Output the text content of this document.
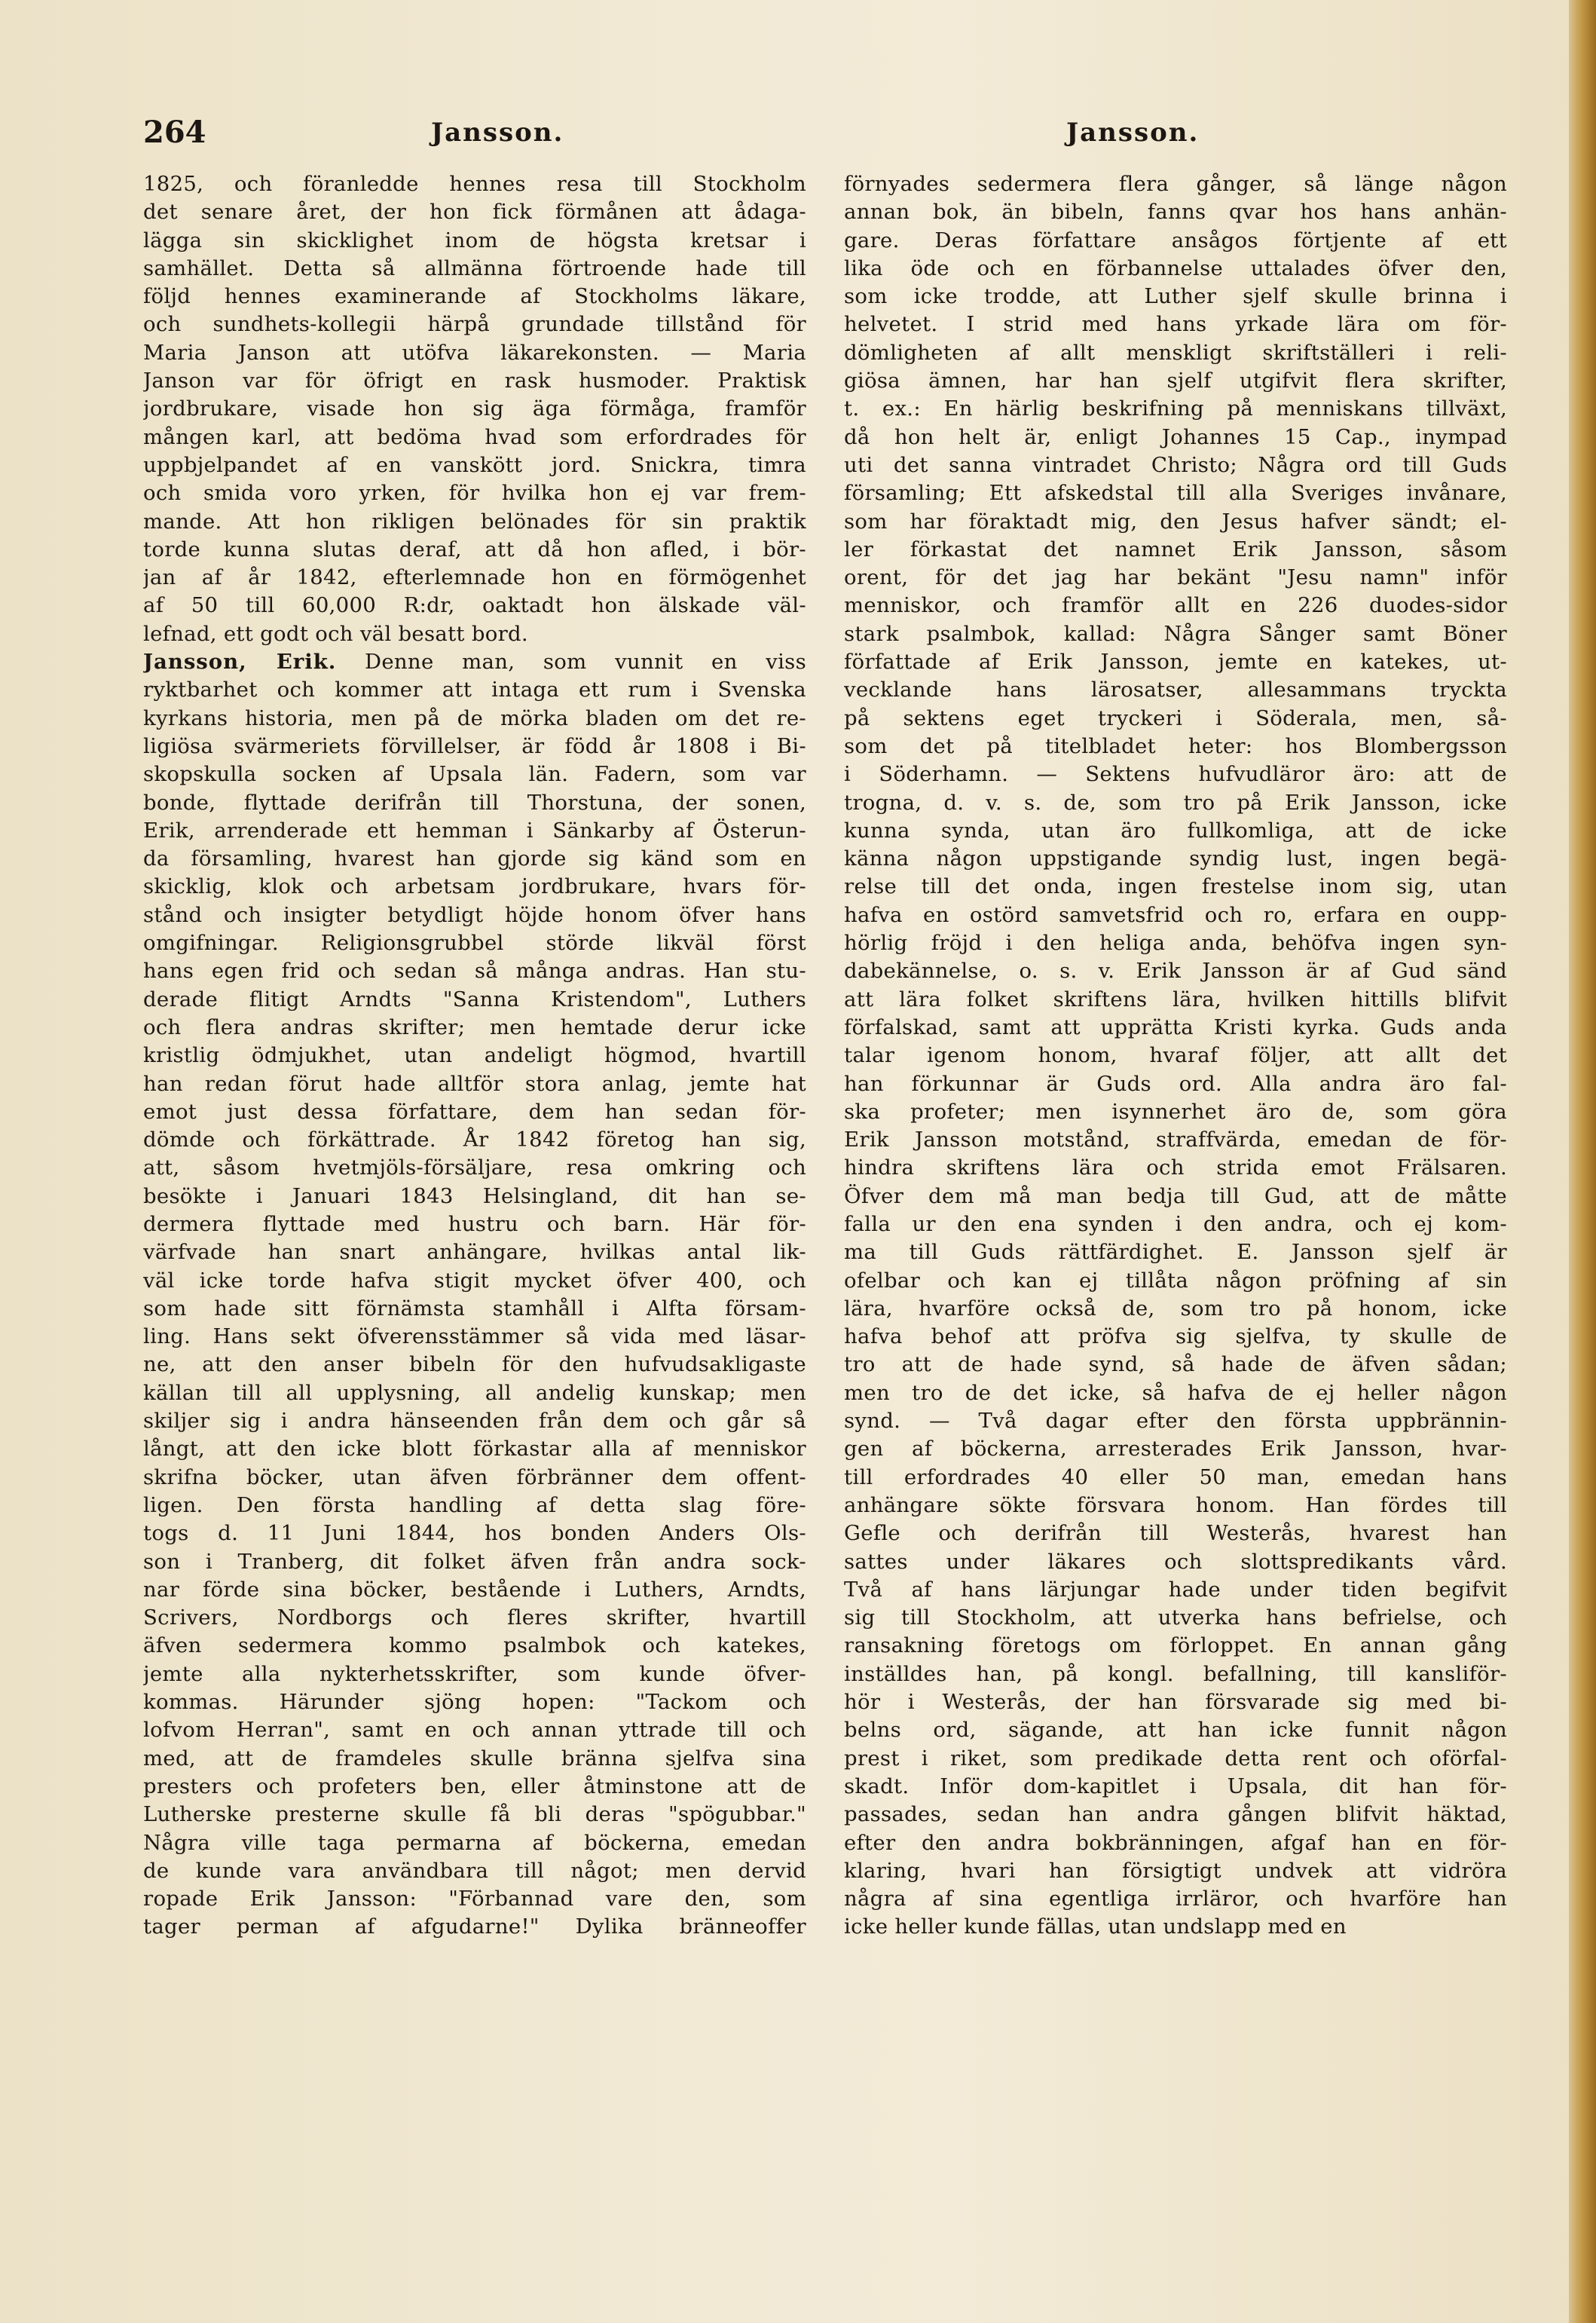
264	Jansson.	Jansson.
1825, och föranledde hennes resa till Stockholm
det senare året, der hon fick förmånen att ådaga-
lägga sin skicklighet inom de högsta kretsar i
samhället. Detta så allmänna förtroende hade till
följd hennes examinerande af Stockholms läkare,
och sundhets-kollegii härpå grundade tillstånd för
Maria Janson att utöfva läkarekonsten. — Maria
Janson var för öfrigt en rask husmoder. Praktisk
jordbrukare, visade hon sig äga förmåga, framför
mången karl, att bedöma hvad som erfordrades för
uppbjelpandet af en vanskött jord. Snickra, timra
och smida voro yrken, för hvilka hon ej var frem-
mande. Att hon rikligen belönades för sin praktik
torde kunna slutas deraf, att då hon afled, i bör-
jan af år 1842, efterlemnade hon en förmögenhet
af 50 till 60,000 R:dr, oaktadt hon älskade väl-
lefnad, ett godt och väl besatt bord.
Jansson, Erik. Denne man, som vunnit en viss
ryktbarhet och kommer att intaga ett rum i Svenska
kyrkans historia, men på de mörka bladen om det re-
ligiösa svärmeriets förvillelser, är född år 1808 i Bi-
skopskulla socken af Upsala län. Fadern, som var
bonde, flyttade derifrån till Thorstuna, der sonen,
Erik, arrenderade ett hemman i Sänkarby af Österun-
da församling, hvarest han gjorde sig känd som en
skicklig, klok och arbetsam jordbrukare, hvars för-
stånd och insigter betydligt höjde honom öfver hans
omgifningar. Religionsgrubbel störde likväl först
hans egen frid och sedan så många andras. Han stu-
derade flitigt Arndts "Sanna Kristendom", Luthers
och flera andras skrifter; men hemtade derur icke
kristlig ödmjukhet, utan andeligt högmod, hvartill
han redan förut hade alltför stora anlag, jemte hat
emot just dessa författare, dem han sedan för-
dömde och förkättrade. År 1842 företog han sig,
att, såsom hvetmjöls-försäljare, resa omkring och
besökte i Januari 1843 Helsingland, dit han se-
dermera flyttade med hustru och barn. Här för-
värfvade han snart anhängare, hvilkas antal lik-
väl icke torde hafva stigit mycket öfver 400, och
som hade sitt förnämsta stamhåll i Alfta försam-
ling. Hans sekt öfverensstämmer så vida med läsar-
ne, att den anser bibeln för den hufvudsakligaste
källan till all upplysning, all andelig kunskap; men
skiljer sig i andra hänseenden från dem och går så
långt, att den icke blott förkastar alla af menniskor
skrifna böcker, utan äfven förbränner dem offent-
ligen. Den första handling af detta slag före-
togs d. 11 Juni 1844, hos bonden Anders Ols-
son i Tranberg, dit folket äfven från andra sock-
nar förde sina böcker, bestående i Luthers, Arndts,
Scrivers, Nordborgs och fleres skrifter, hvartill
äfven sedermera kommo psalmbok och katekes,
jemte alla nykterhetsskrifter, som kunde öfver-
kommas. Härunder sjöng hopen: "Tackom och
lofvom Herran", samt en och annan yttrade till och
med, att de framdeles skulle bränna sjelfva sina
presters och profeters ben, eller åtminstone att de
Lutherske presterne skulle få bli deras "spögubbar."
Några ville taga permarna af böckerna, emedan
de kunde vara användbara till något; men dervid
ropade Erik Jansson: "Förbannad vare den, som
tager perman af afgudarne!" Dylika bränneoffer
förnyades sedermera flera gånger, så länge någon
annan bok, än bibeln, fanns qvar hos hans anhän-
gare. Deras författare ansågos förtjente af ett
lika öde och en förbannelse uttalades öfver den,
som icke trodde, att Luther sjelf skulle brinna i
helvetet. I strid med hans yrkade lära om för-
dömligheten af allt menskligt skriftställeri i reli-
giösa ämnen, har han sjelf utgifvit flera skrifter,
t. ex.: En härlig beskrifning på menniskans tillväxt,
då hon helt är, enligt Johannes 15 Cap., inympad
uti det sanna vintradet Christo; Några ord till Guds
församling; Ett afskedstal till alla Sveriges invånare,
som har föraktadt mig, den Jesus hafver sändt; el-
ler förkastat det namnet Erik Jansson, såsom
orent, för det jag har bekänt "Jesu namn" inför
menniskor, och framför allt en 226 duodes-sidor
stark psalmbok, kallad: Några Sånger samt Böner
författade af Erik Jansson, jemte en katekes, ut-
vecklande hans lärosatser, allesammans tryckta
på sektens eget tryckeri i Söderala, men, så-
som det på titelbladet heter: hos Blombergsson
i Söderhamn. — Sektens hufvudläror äro: att de
trogna, d. v. s. de, som tro på Erik Jansson, icke
kunna synda, utan äro fullkomliga, att de icke
känna någon uppstigande syndig lust, ingen begä-
relse till det onda, ingen frestelse inom sig, utan
hafva en ostörd samvetsfrid och ro, erfara en oupp-
hörlig fröjd i den heliga anda, behöfva ingen syn-
dabekännelse, o. s. v. Erik Jansson är af Gud sänd
att lära folket skriftens lära, hvilken hittills blifvit
förfalskad, samt att upprätta Kristi kyrka. Guds anda
talar igenom honom, hvaraf följer, att allt det
han förkunnar är Guds ord. Alla andra äro fal-
ska profeter; men isynnerhet äro de, som göra
Erik Jansson motstånd, straffvärda, emedan de för-
hindra skriftens lära och strida emot Frälsaren.
Öfver dem må man bedja till Gud, att de måtte
falla ur den ena synden i den andra, och ej kom-
ma till Guds rättfärdighet. E. Jansson sjelf är
ofelbar och kan ej tillåta någon pröfning af sin
lära, hvarföre också de, som tro på honom, icke
hafva behof att pröfva sig sjelfva, ty skulle de
tro att de hade synd, så hade de äfven sådan;
men tro de det icke, så hafva de ej heller någon
synd. — Två dagar efter den första uppbrännin-
gen af böckerna, arresterades Erik Jansson, hvar-
till erfordrades 40 eller 50 man, emedan hans
anhängare sökte försvara honom. Han fördes till
Gefle och derifrån till Westerås, hvarest han
sattes under läkares och slottspredikants vård.
Två af hans lärjungar hade under tiden begifvit
sig till Stockholm, att utverka hans befrielse, och
ransakning företogs om förloppet. En annan gång
inställdes han, på kongl. befallning, till kansliför-
hör i Westerås, der han försvarade sig med bi-
belns ord, sägande, att han icke funnit någon
prest i riket, som predikade detta rent och oförfal-
skadt. Inför dom-kapitlet i Upsala, dit han för-
passades, sedan han andra gången blifvit häktad,
efter den andra bokbränningen, afgaf han en för-
klaring, hvari han försigtigt undvek att vidröra
några af sina egentliga irrläror, och hvarföre han
icke heller kunde fällas, utan undslapp med en
